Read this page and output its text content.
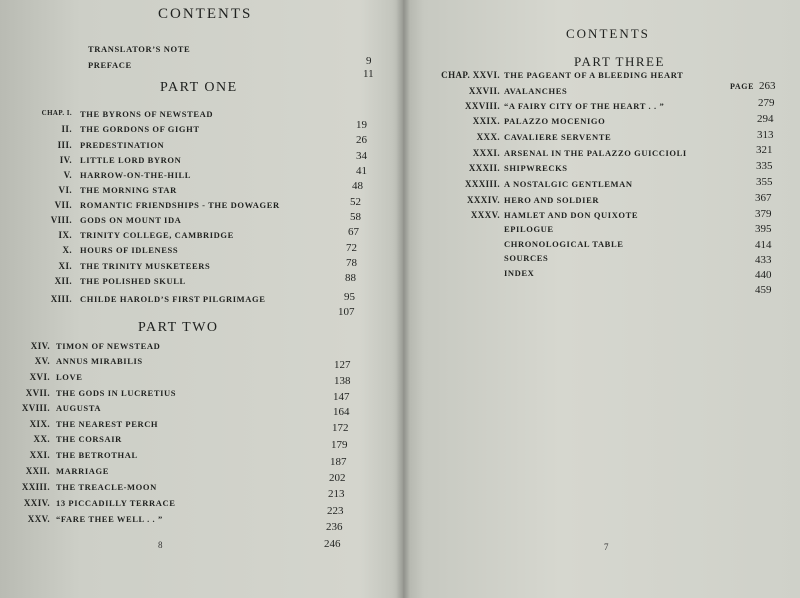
CONTENTS
TRANSLATOR’S NOTE
9
PREFACE
11
PART ONE
CHAP. I. THE BYRONS OF NEWSTEAD
19
II. THE GORDONS OF GIGHT
26
III. PREDESTINATION
34
IV. LITTLE LORD BYRON
41
V. HARROW-ON-THE-HILL
48
VI. THE MORNING STAR
52
VII. ROMANTIC FRIENDSHIPS - THE DOWAGER
58
VIII. GODS ON MOUNT IDA
67
IX. TRINITY COLLEGE, CAMBRIDGE
72
X. HOURS OF IDLENESS
78
XI. THE TRINITY MUSKETEERS
88
XII. THE POLISHED SKULL
95
XIII. CHILDE HAROLD’S FIRST PILGRIMAGE
107
PART TWO
XIV. TIMON OF NEWSTEAD
127
XV. ANNUS MIRABILIS
138
XVI. LOVE
147
XVII. THE GODS IN LUCRETIUS
164
XVIII. AUGUSTA
172
XIX. THE NEAREST PERCH
179
XX. THE CORSAIR
187
XXI. THE BETROTHAL
202
XXII. MARRIAGE
213
XXIII. THE TREACLE-MOON
223
XXIV. 13 PICCADILLY TERRACE
236
XXV. “FARE THEE WELL . . ”
246
8
CONTENTS
PART THREE
PAGE
CHAP. XXVI. THE PAGEANT OF A BLEEDING HEART
263
XXVII. AVALANCHES
279
XXVIII. “A FAIRY CITY OF THE HEART . . ”
294
XXIX. PALAZZO MOCENIGO
313
XXX. CAVALIERE SERVENTE
321
XXXI. ARSENAL IN THE PALAZZO GUICCIOLI
335
XXXII. SHIPWRECKS
355
XXXIII. A NOSTALGIC GENTLEMAN
367
XXXIV. HERO AND SOLDIER
379
XXXV. HAMLET AND DON QUIXOTE
395
EPILOGUE
414
CHRONOLOGICAL TABLE
433
SOURCES
440
INDEX
459
7
